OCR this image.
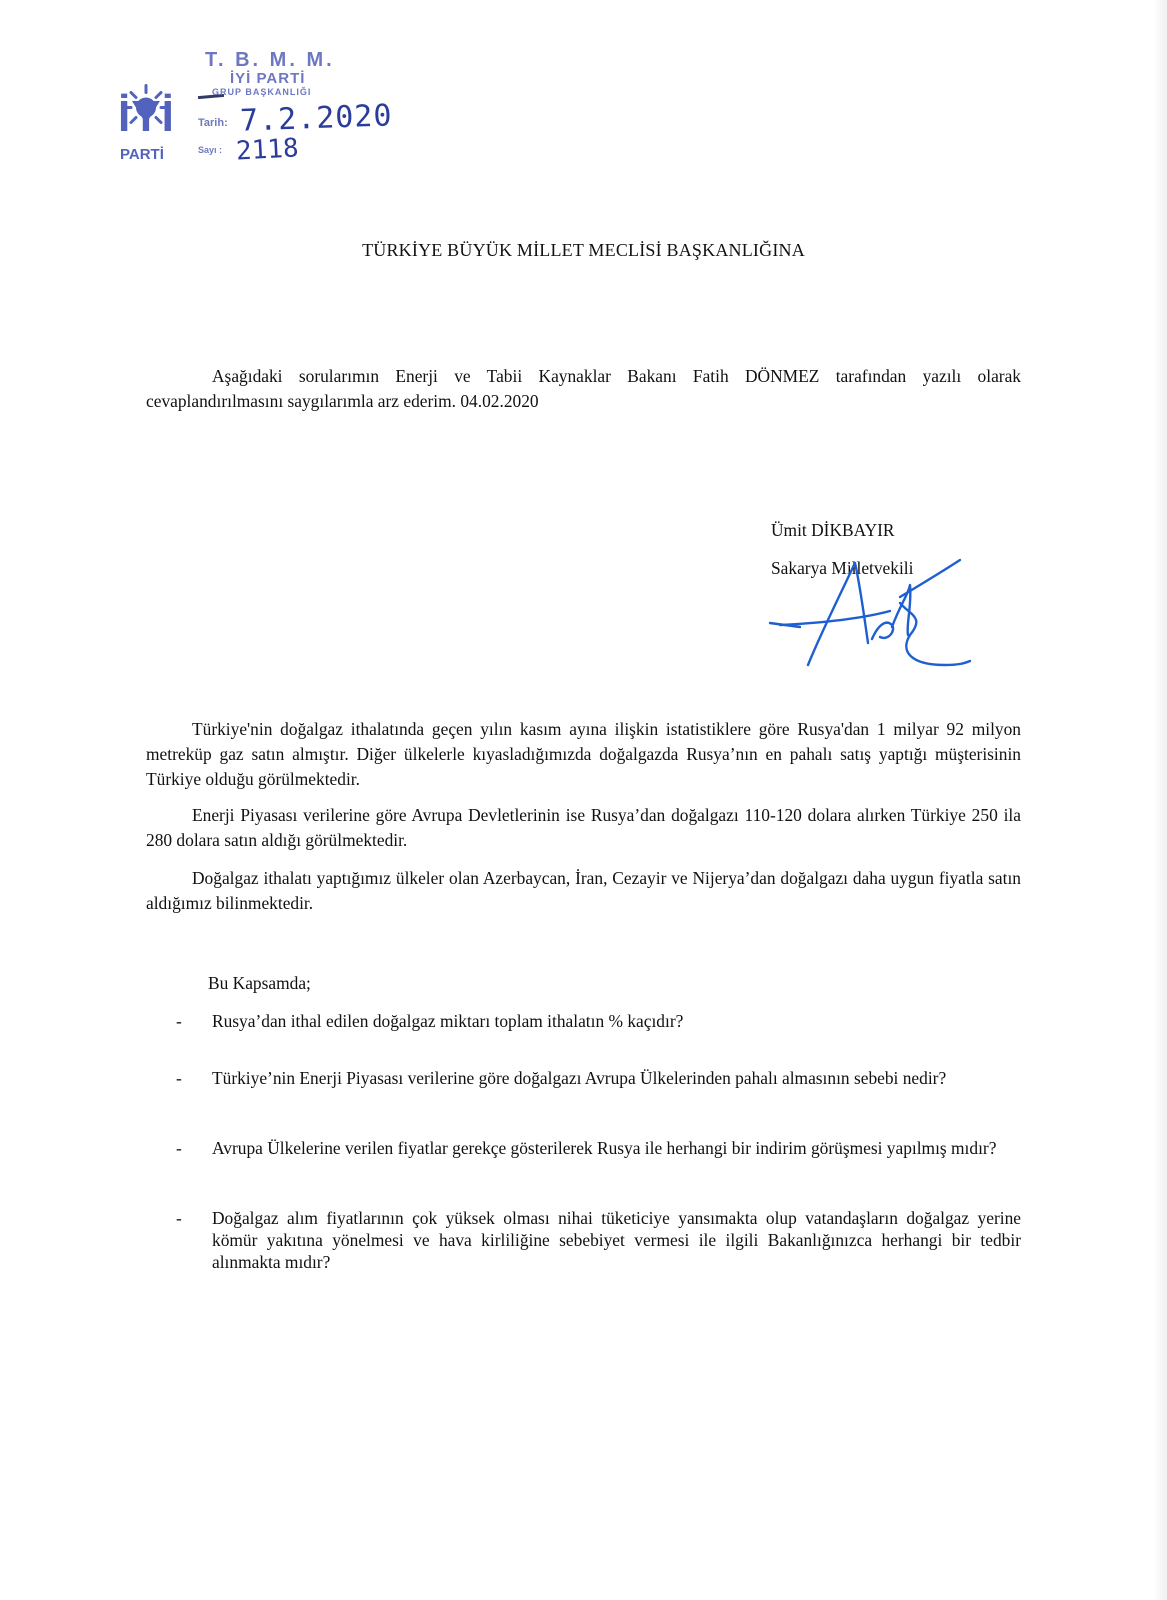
İYİ
PARTİ
T. B. M. M.
İYİ PARTİ
GRUP BAŞKANLIĞI
Tarih: 7.2.2020
Sayı : 2118
TÜRKİYE BÜYÜK MİLLET MECLİSİ BAŞKANLIĞINA

Aşağıdaki sorularımın Enerji ve Tabii Kaynaklar Bakanı Fatih DÖNMEZ tarafından yazılı olarak cevaplandırılmasını saygılarımla arz ederim. 04.02.2020

Ümit DİKBAYIR
Sakarya Milletvekili

Türkiye'nin doğalgaz ithalatında geçen yılın kasım ayına ilişkin istatistiklere göre Rusya'dan 1 milyar 92 milyon metreküp gaz satın almıştır. Diğer ülkelerle kıyasladığımızda doğalgazda Rusya’nın en pahalı satış yaptığı müşterisinin Türkiye olduğu görülmektedir.

Enerji Piyasası verilerine göre Avrupa Devletlerinin ise Rusya’dan doğalgazı 110-120 dolara alırken Türkiye 250 ila 280 dolara satın aldığı görülmektedir.

Doğalgaz ithalatı yaptığımız ülkeler olan Azerbaycan, İran, Cezayir ve Nijerya’dan doğalgazı daha uygun fiyatla satın aldığımız bilinmektedir.

Bu Kapsamda;
- Rusya’dan ithal edilen doğalgaz miktarı toplam ithalatın % kaçıdır?
- Türkiye’nin Enerji Piyasası verilerine göre doğalgazı Avrupa Ülkelerinden pahalı almasının sebebi nedir?
- Avrupa Ülkelerine verilen fiyatlar gerekçe gösterilerek Rusya ile herhangi bir indirim görüşmesi yapılmış mıdır?
- Doğalgaz alım fiyatlarının çok yüksek olması nihai tüketiciye yansımakta olup vatandaşların doğalgaz yerine kömür yakıtına yönelmesi ve hava kirliliğine sebebiyet vermesi ile ilgili Bakanlığınızca herhangi bir tedbir alınmakta mıdır?
